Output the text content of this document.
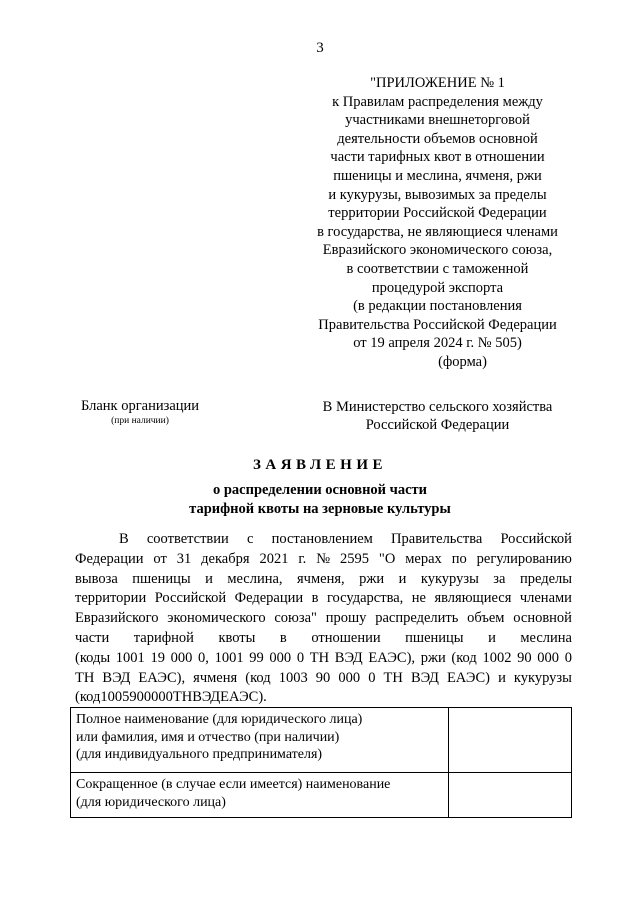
3
"ПРИЛОЖЕНИЕ № 1
к Правилам распределения между
участниками внешнеторговой
деятельности объемов основной
части тарифных квот в отношении
пшеницы и меслина, ячменя, ржи
и кукурузы, вывозимых за пределы
территории Российской Федерации
в государства, не являющиеся членами
Евразийского экономического союза,
в соответствии с таможенной
процедурой экспорта
(в редакции постановления
Правительства Российской Федерации
от 19 апреля 2024 г. № 505)
(форма)
Бланк организации
(при наличии)
В Министерство сельского хозяйства
Российской Федерации
ЗАЯВЛЕНИЕ
о распределении основной части
тарифной квоты на зерновые культуры
В соответствии с постановлением Правительства Российской
Федерации от 31 декабря 2021 г. № 2595 "О мерах по регулированию
вывоза пшеницы и меслина, ячменя, ржи и кукурузы за пределы
территории Российской Федерации в государства, не являющиеся членами
Евразийского экономического союза" прошу распределить объем основной
части тарифной квоты в отношении пшеницы и меслина
(коды 1001 19 000 0, 1001 99 000 0 ТН ВЭД ЕАЭС), ржи (код 1002 90 000 0
ТН ВЭД ЕАЭС), ячменя (код 1003 90 000 0 ТН ВЭД ЕАЭС) и кукурузы
(код 1005 90 000 0 ТН ВЭД ЕАЭС).
Полное наименование (для юридического лица)
или фамилия, имя и отчество (при наличии)
(для индивидуального предпринимателя)	

Сокращенное (в случае если имеется) наименование
(для юридического лица)	
